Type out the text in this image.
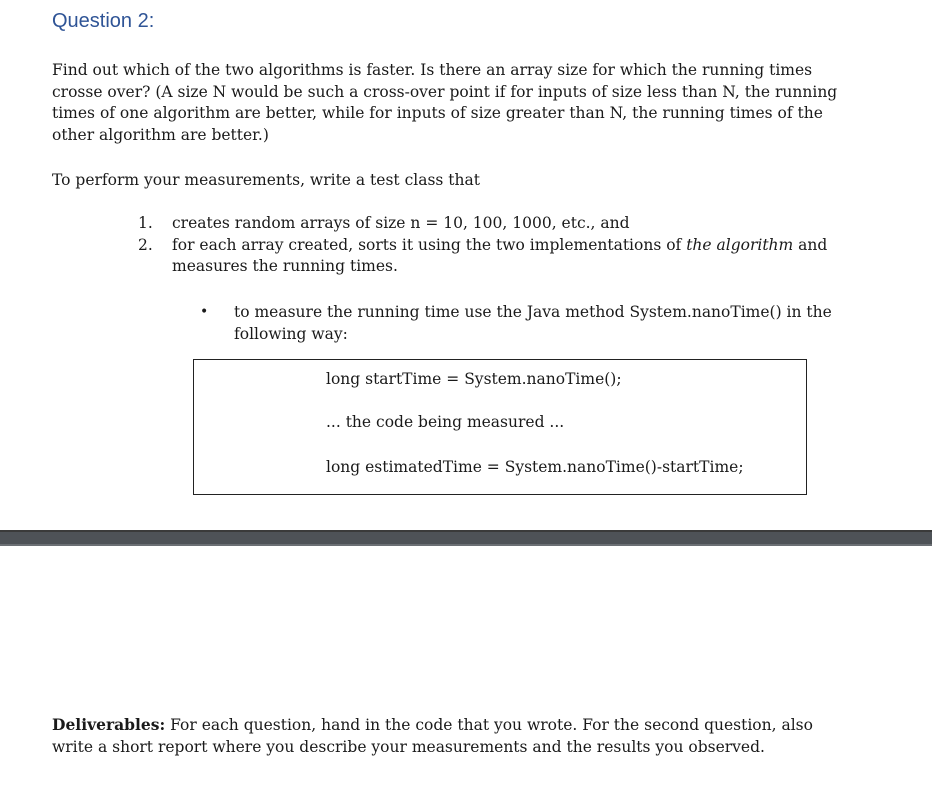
Question 2:

Find out which of the two algorithms is faster. Is there an array size for which the running times crosse over? (A size N would be such a cross-over point if for inputs of size less than N, the running times of one algorithm are better, while for inputs of size greater than N, the running times of the other algorithm are better.)

To perform your measurements, write a test class that

1.	creates random arrays of size n = 10, 100, 1000, etc., and
2.	for each array created, sorts it using the two implementations of the algorithm and measures the running times.
•	to measure the running time use the Java method System.nanoTime() in the following way:
long startTime = System.nanoTime();
... the code being measured ...
long estimatedTime = System.nanoTime()-startTime;

Deliverables: For each question, hand in the code that you wrote. For the second question, also write a short report where you describe your measurements and the results you observed.
